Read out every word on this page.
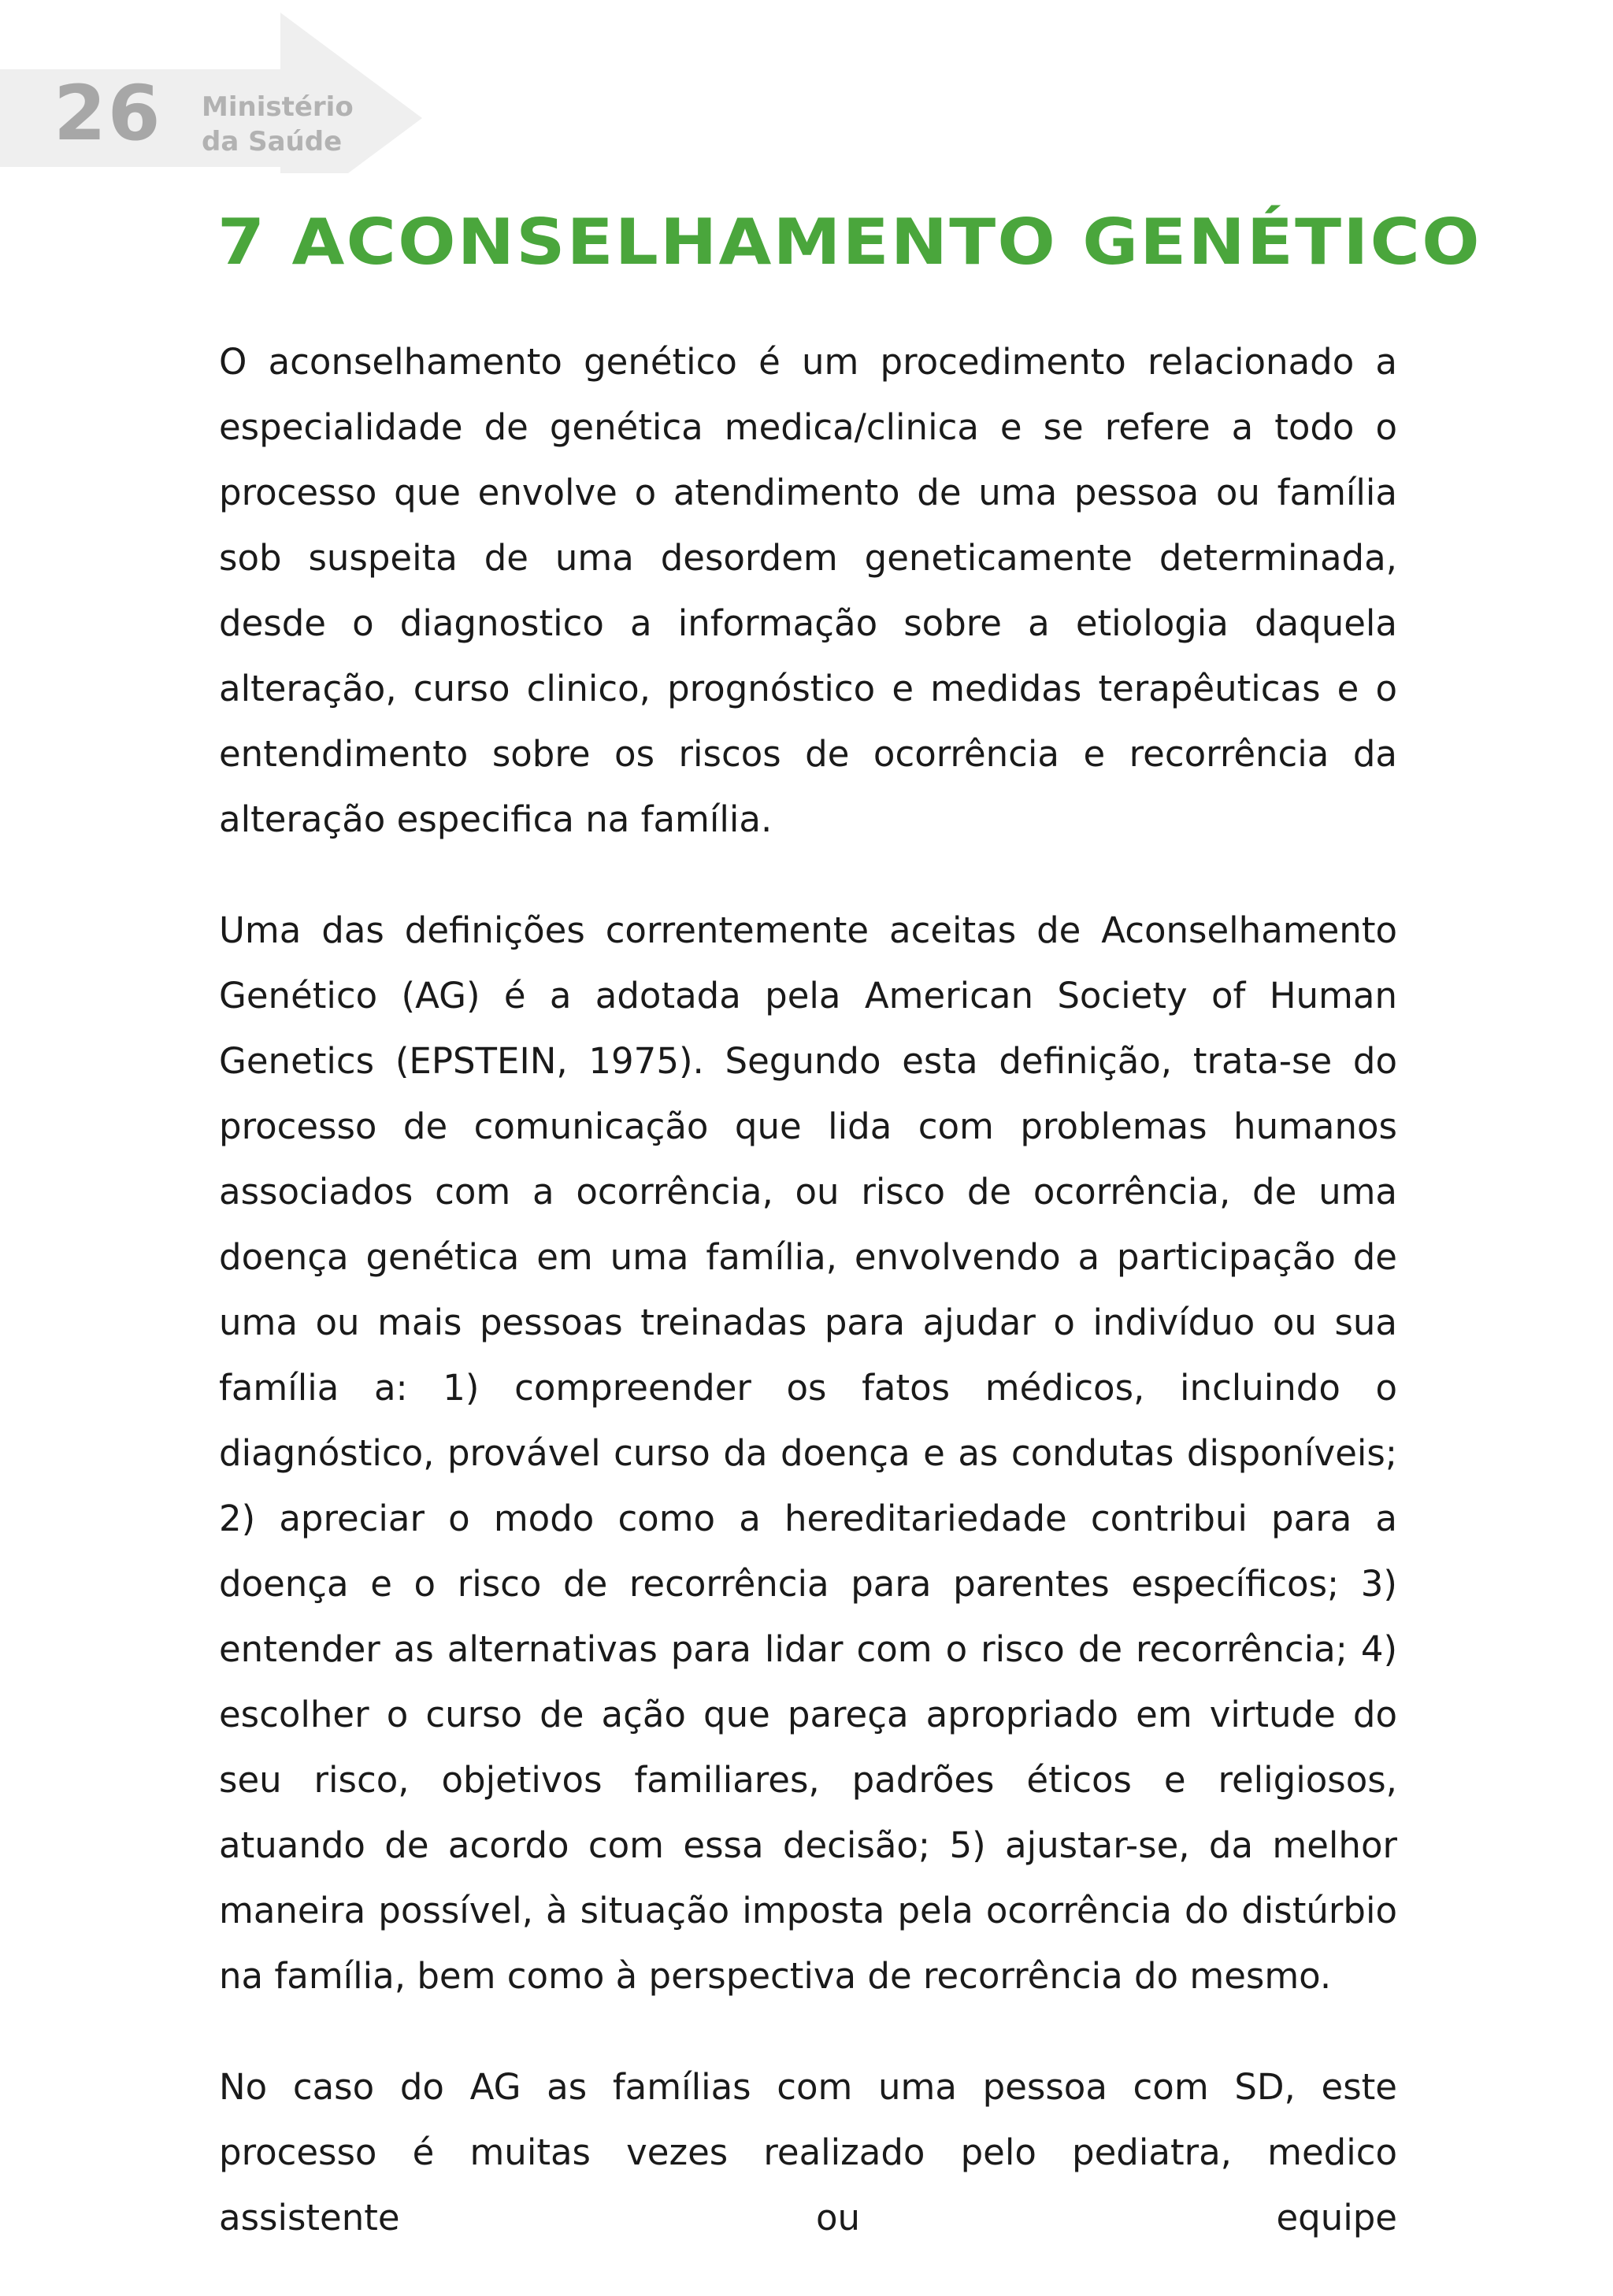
26 Ministério
da Saúde
7 ACONSELHAMENTO GENÉTICO

O aconselhamento genético é um procedimento relacionado a especialidade de genética medica/clinica e se refere a todo o processo que envolve o atendimento de uma pessoa ou família sob suspeita de uma desordem geneticamente determinada, desde o diagnostico a informação sobre a etiologia daquela alteração, curso clinico, prognóstico e medidas terapêuticas e o entendimento sobre os riscos de ocorrência e recorrência da alteração especifica na família.

Uma das definições correntemente aceitas de Aconselhamento Genético (AG) é a adotada pela American Society of Human Genetics (EPSTEIN, 1975). Segundo esta definição, trata-se do processo de comunicação que lida com problemas humanos associados com a ocorrência, ou risco de ocorrência, de uma doença genética em uma família, envolvendo a participação de uma ou mais pessoas treinadas para ajudar o indivíduo ou sua família a: 1) compreender os fatos médicos, incluindo o diagnóstico, provável curso da doença e as condutas disponíveis; 2) apreciar o modo como a hereditariedade contribui para a doença e o risco de recorrência para parentes específicos; 3) entender as alternativas para lidar com o risco de recorrência; 4) escolher o curso de ação que pareça apropriado em virtude do seu risco, objetivos familiares, padrões éticos e religiosos, atuando de acordo com essa decisão; 5) ajustar-se, da melhor maneira possível, à situação imposta pela ocorrência do distúrbio na família, bem como à perspectiva de recorrência do mesmo.

No caso do AG as famílias com uma pessoa com SD, este processo é muitas vezes realizado pelo pediatra, medico assistente ou equipe
